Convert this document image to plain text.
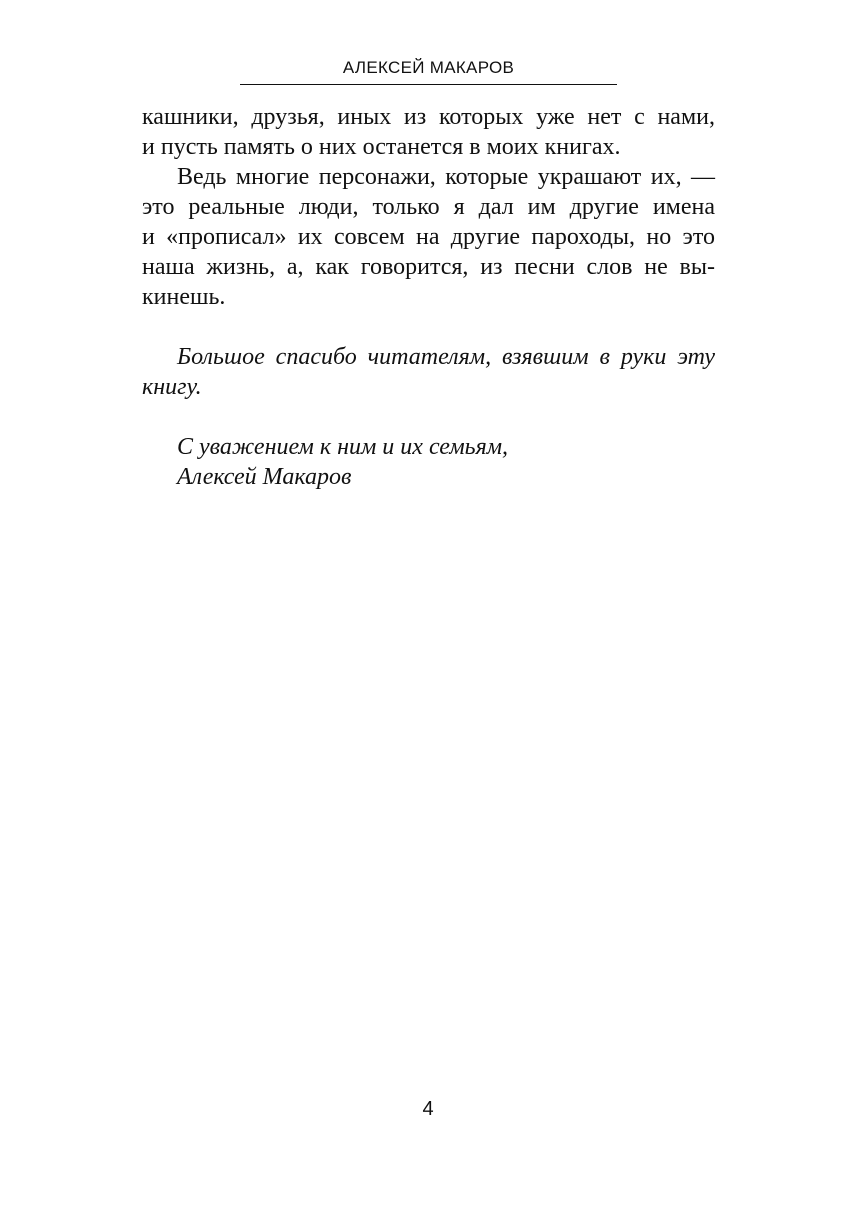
АЛЕКСЕЙ МАКАРОВ
кашники, друзья, иных из которых уже нет с нами,
и пусть память о них останется в моих книгах.
Ведь многие персонажи, которые украшают их, —
это реальные люди, только я дал им другие имена
и «прописал» их совсем на другие пароходы, но это
наша жизнь, а, как говорится, из песни слов не вы-
кинешь.
Большое спасибо читателям, взявшим в руки эту
книгу.
С уважением к ним и их семьям,
Алексей Макаров
4
